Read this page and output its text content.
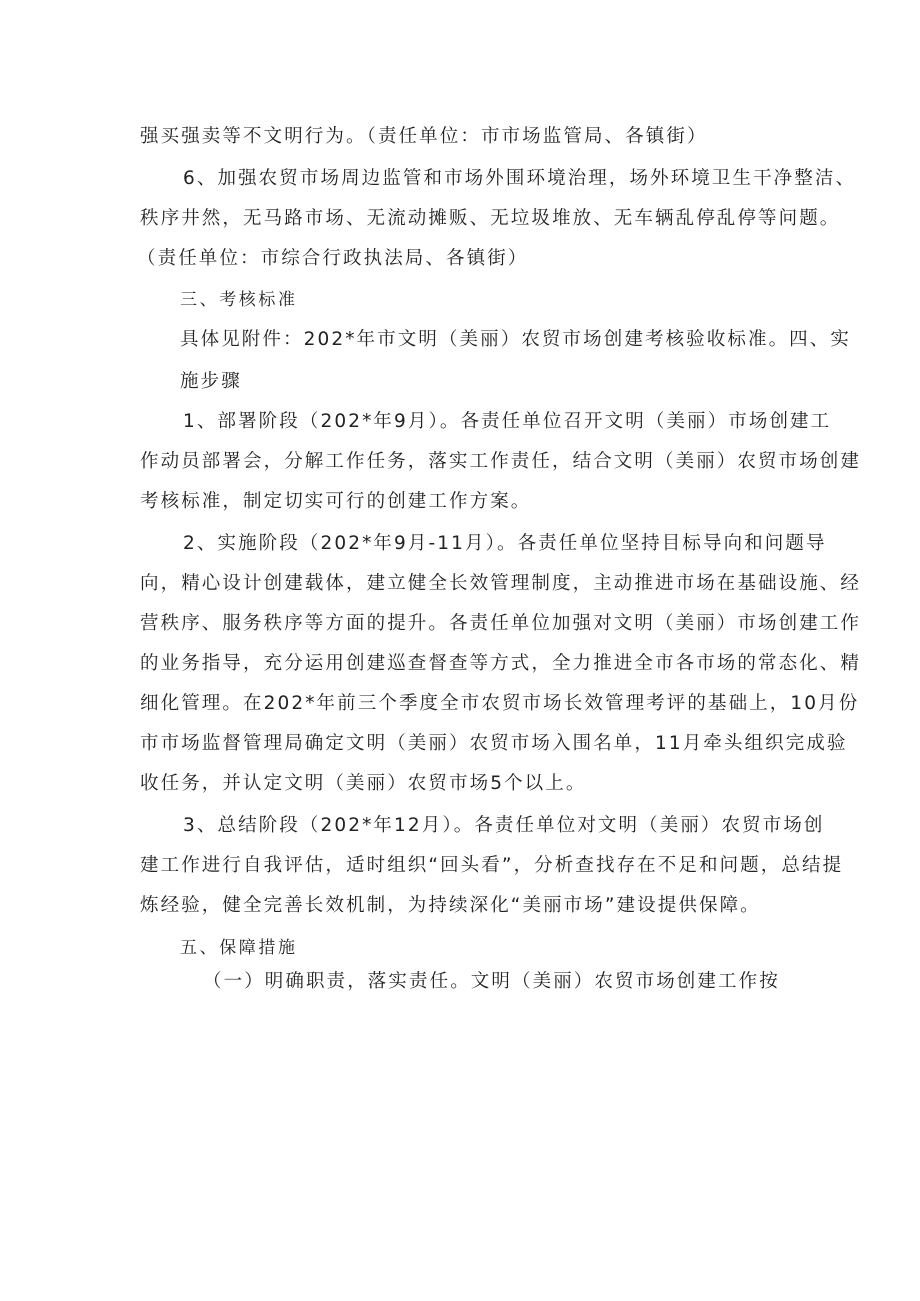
强买强卖等不文明行为。（责任单位：市市场监管局、各镇街）
6、加强农贸市场周边监管和市场外围环境治理，场外环境卫生干净整洁、
秩序井然，无马路市场、无流动摊贩、无垃圾堆放、无车辆乱停乱停等问题。
（责任单位：市综合行政执法局、各镇街）
三、考核标准
具体见附件：202*年市文明（美丽）农贸市场创建考核验收标准。四、实
施步骤
1、部署阶段（202*年9月）。各责任单位召开文明（美丽）市场创建工
作动员部署会，分解工作任务，落实工作责任，结合文明（美丽）农贸市场创建
考核标准，制定切实可行的创建工作方案。
2、实施阶段（202*年9月-11月）。各责任单位坚持目标导向和问题导
向，精心设计创建载体，建立健全长效管理制度，主动推进市场在基础设施、经
营秩序、服务秩序等方面的提升。各责任单位加强对文明（美丽）市场创建工作
的业务指导，充分运用创建巡查督查等方式，全力推进全市各市场的常态化、精
细化管理。在202*年前三个季度全市农贸市场长效管理考评的基础上，10月份
市市场监督管理局确定文明（美丽）农贸市场入围名单，11月牵头组织完成验
收任务，并认定文明（美丽）农贸市场5个以上。
3、总结阶段（202*年12月）。各责任单位对文明（美丽）农贸市场创
建工作进行自我评估，适时组织“回头看”，分析查找存在不足和问题，总结提
炼经验，健全完善长效机制，为持续深化“美丽市场”建设提供保障。
五、保障措施
（一）明确职责，落实责任。文明（美丽）农贸市场创建工作按
